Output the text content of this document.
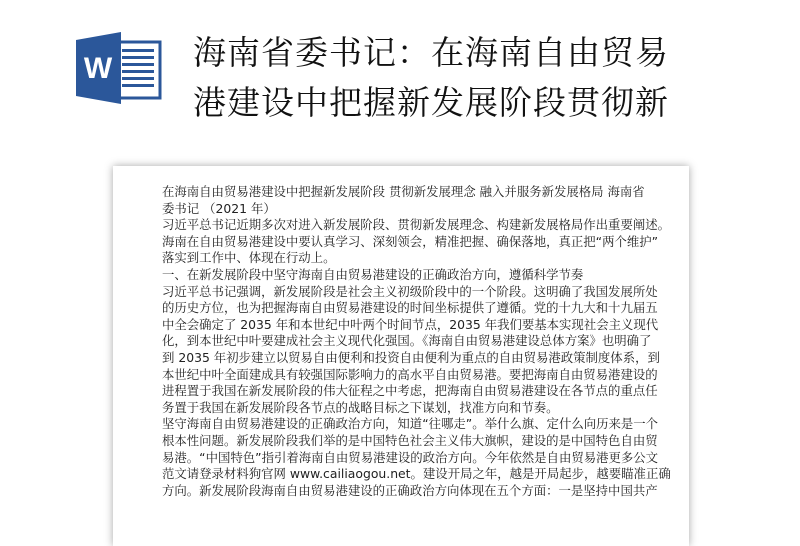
W 海南省委书记：在海南自由贸易
港建设中把握新发展阶段贯彻新
在海南自由贸易港建设中把握新发展阶段 贯彻新发展理念 融入并服务新发展格局 海南省
委书记 （2021 年）
习近平总书记近期多次对进入新发展阶段、贯彻新发展理念、构建新发展格局作出重要阐述。
海南在自由贸易港建设中要认真学习、深刻领会，精准把握、确保落地，真正把“两个维护”
落实到工作中、体现在行动上。
一、在新发展阶段中坚守海南自由贸易港建设的正确政治方向，遵循科学节奏
习近平总书记强调，新发展阶段是社会主义初级阶段中的一个阶段。这明确了我国发展所处
的历史方位，也为把握海南自由贸易港建设的时间坐标提供了遵循。党的十九大和十九届五
中全会确定了 2035 年和本世纪中叶两个时间节点，2035 年我们要基本实现社会主义现代
化，到本世纪中叶要建成社会主义现代化强国。《海南自由贸易港建设总体方案》也明确了
到 2035 年初步建立以贸易自由便利和投资自由便利为重点的自由贸易港政策制度体系，到
本世纪中叶全面建成具有较强国际影响力的高水平自由贸易港。要把海南自由贸易港建设的
进程置于我国在新发展阶段的伟大征程之中考虑，把海南自由贸易港建设在各节点的重点任
务置于我国在新发展阶段各节点的战略目标之下谋划，找准方向和节奏。
坚守海南自由贸易港建设的正确政治方向，知道“往哪走”。举什么旗、定什么向历来是一个
根本性问题。新发展阶段我们举的是中国特色社会主义伟大旗帜，建设的是中国特色自由贸
易港。“中国特色”指引着海南自由贸易港建设的政治方向。今年依然是自由贸易港更多公文
范文请登录材料狗官网 www.cailiaogou.net。建设开局之年，越是开局起步，越要瞄准正确
方向。新发展阶段海南自由贸易港建设的正确政治方向体现在五个方面：一是坚持中国共产
